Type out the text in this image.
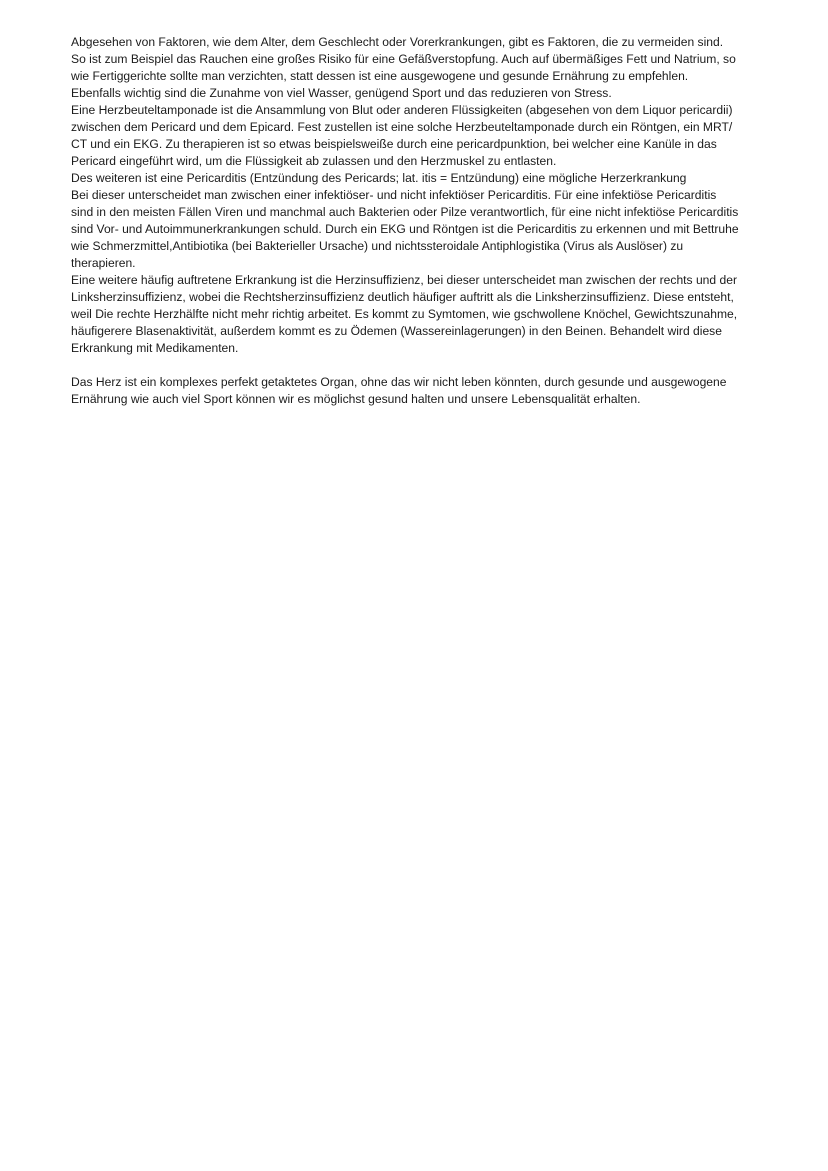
Abgesehen von Faktoren, wie dem Alter, dem Geschlecht oder Vorerkrankungen, gibt es Faktoren, die zu vermeiden sind.
So ist zum Beispiel das Rauchen eine großes Risiko für eine Gefäßverstopfung. Auch auf übermäßiges Fett und Natrium, so
wie Fertiggerichte sollte man verzichten, statt dessen ist eine ausgewogene und gesunde Ernährung zu empfehlen.
Ebenfalls wichtig sind die Zunahme von viel Wasser, genügend Sport und das reduzieren von Stress.
Eine Herzbeuteltamponade ist die Ansammlung von Blut oder anderen Flüssigkeiten (abgesehen von dem Liquor pericardii)
zwischen dem Pericard und dem Epicard. Fest zustellen ist eine solche Herzbeuteltamponade durch ein Röntgen, ein MRT/
CT und ein EKG. Zu therapieren ist so etwas beispielsweiße durch eine pericardpunktion, bei welcher eine Kanüle in das
Pericard eingeführt wird, um die Flüssigkeit ab zulassen und den Herzmuskel zu entlasten.
Des weiteren ist eine Pericarditis (Entzündung des Pericards; lat. itis = Entzündung) eine mögliche Herzerkrankung
Bei dieser unterscheidet man zwischen einer infektiöser- und nicht infektiöser Pericarditis. Für eine infektiöse Pericarditis
sind in den meisten Fällen Viren und manchmal auch Bakterien oder Pilze verantwortlich, für eine nicht infektiöse Pericarditis
sind Vor- und Autoimmunerkrankungen schuld. Durch ein EKG und Röntgen ist die Pericarditis zu erkennen und mit Bettruhe
wie Schmerzmittel,Antibiotika (bei Bakterieller Ursache) und nichtssteroidale Antiphlogistika (Virus als Auslöser) zu
therapieren.
Eine weitere häufig auftretene Erkrankung ist die Herzinsuffizienz, bei dieser unterscheidet man zwischen der rechts und der
Linksherzinsuffizienz, wobei die Rechtsherzinsuffizienz deutlich häufiger auftritt als die Linksherzinsuffizienz. Diese entsteht,
weil Die rechte Herzhälfte nicht mehr richtig arbeitet. Es kommt zu Symtomen, wie gschwollene Knöchel, Gewichtszunahme,
häufigerere Blasenaktivität, außerdem kommt es zu Ödemen (Wassereinlagerungen) in den Beinen. Behandelt wird diese
Erkrankung mit Medikamenten.
Das Herz ist ein komplexes perfekt getaktetes Organ, ohne das wir nicht leben könnten, durch gesunde und ausgewogene
Ernährung wie auch viel Sport können wir es möglichst gesund halten und unsere Lebensqualität erhalten.
